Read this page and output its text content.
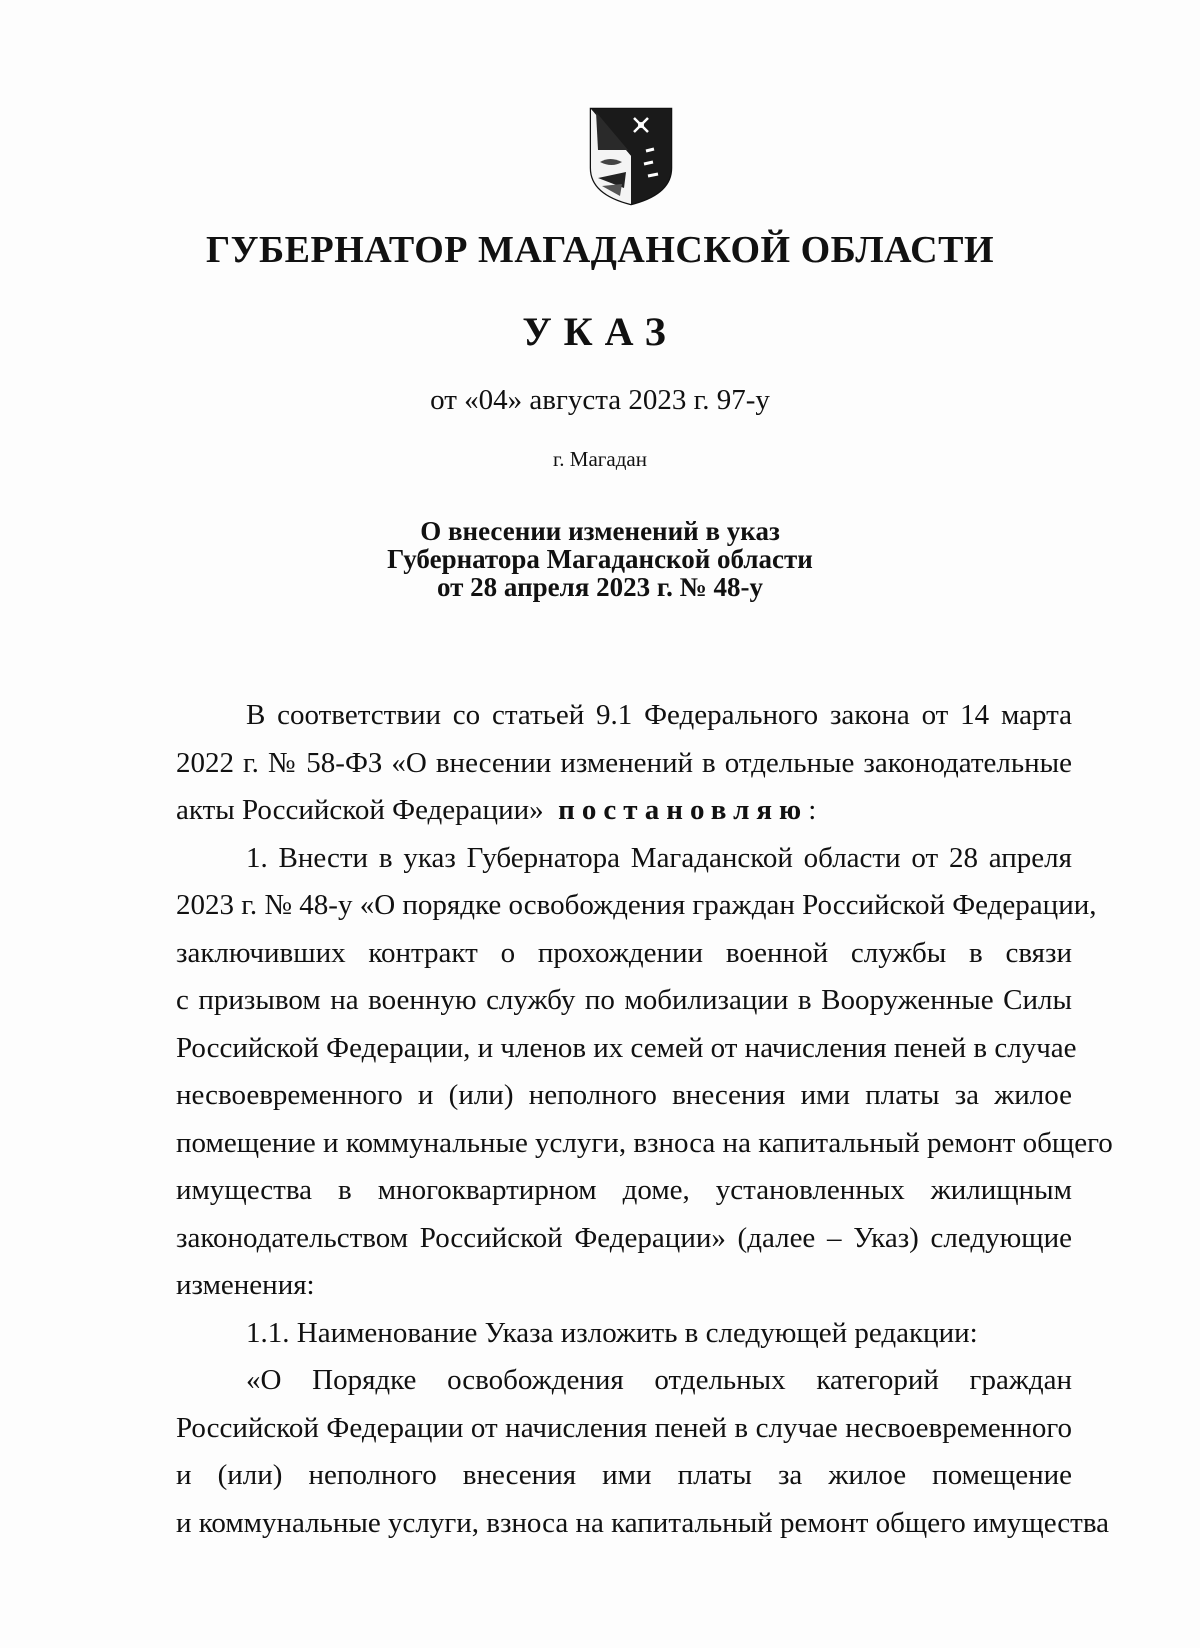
ГУБЕРНАТОР МАГАДАНСКОЙ ОБЛАСТИ
УКАЗ
от «04» августа 2023 г. 97-у
г. Магадан
О внесении изменений в указ
Губернатора Магаданской области
от 28 апреля 2023 г. № 48-у
В соответствии со статьей 9.1 Федерального закона от 14 марта
2022 г. № 58-ФЗ «О внесении изменений в отдельные законодательные
акты Российской Федерации» постановляю:
1. Внести в указ Губернатора Магаданской области от 28 апреля
2023 г. № 48-у «О порядке освобождения граждан Российской Федерации,
заключивших контракт о прохождении военной службы в связи
с призывом на военную службу по мобилизации в Вооруженные Силы
Российской Федерации, и членов их семей от начисления пеней в случае
несвоевременного и (или) неполного внесения ими платы за жилое
помещение и коммунальные услуги, взноса на капитальный ремонт общего
имущества в многоквартирном доме, установленных жилищным
законодательством Российской Федерации» (далее – Указ) следующие
изменения:
1.1. Наименование Указа изложить в следующей редакции:
«О Порядке освобождения отдельных категорий граждан
Российской Федерации от начисления пеней в случае несвоевременного
и (или) неполного внесения ими платы за жилое помещение
и коммунальные услуги, взноса на капитальный ремонт общего имущества
